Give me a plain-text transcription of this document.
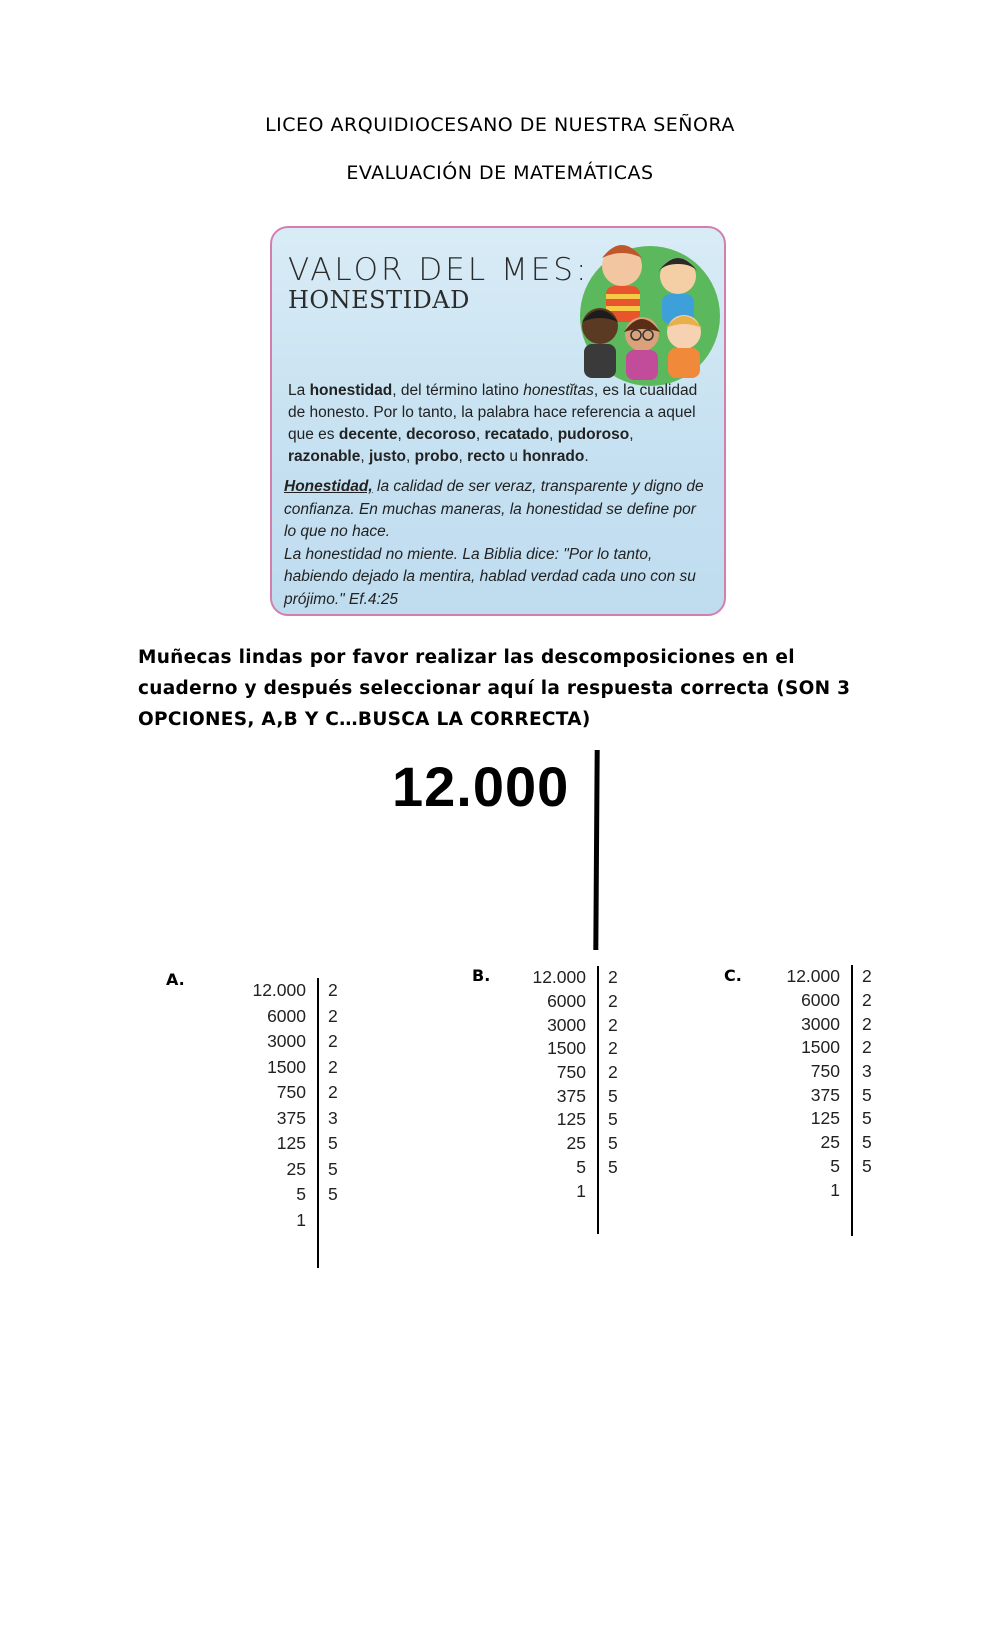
LICEO ARQUIDIOCESANO DE NUESTRA SEÑORA
EVALUACIÓN DE MATEMÁTICAS
VALOR DEL MES:
HONESTIDAD
La honestidad, del término latino honestĭtas, es la cualidad de honesto. Por lo tanto, la palabra hace referencia a aquel que es decente, decoroso, recatado, pudoroso, razonable, justo, probo, recto u honrado.
Honestidad, la calidad de ser veraz, transparente y digno de confianza. En muchas maneras, la honestidad se define por lo que no hace.
La honestidad no miente. La Biblia dice: "Por lo tanto, habiendo dejado la mentira, hablad verdad cada uno con su prójimo." Ef.4:25
Muñecas lindas por favor realizar las descomposiciones en el cuaderno y después seleccionar aquí la respuesta correcta (SON 3 OPCIONES, A,B Y C…BUSCA LA CORRECTA)
12.000
A.
12.000	2
6000	2
3000	2
1500	2
750	2
375	3
125	5
25	5
5	5
1
B.	12.000	2
6000	2
3000	2
1500	2
750	2
375	5
125	5
25	5
5	5
1
C.	12.000	2
6000	2
3000	2
1500	2
750	3
375	5
125	5
25	5
5	5
1
